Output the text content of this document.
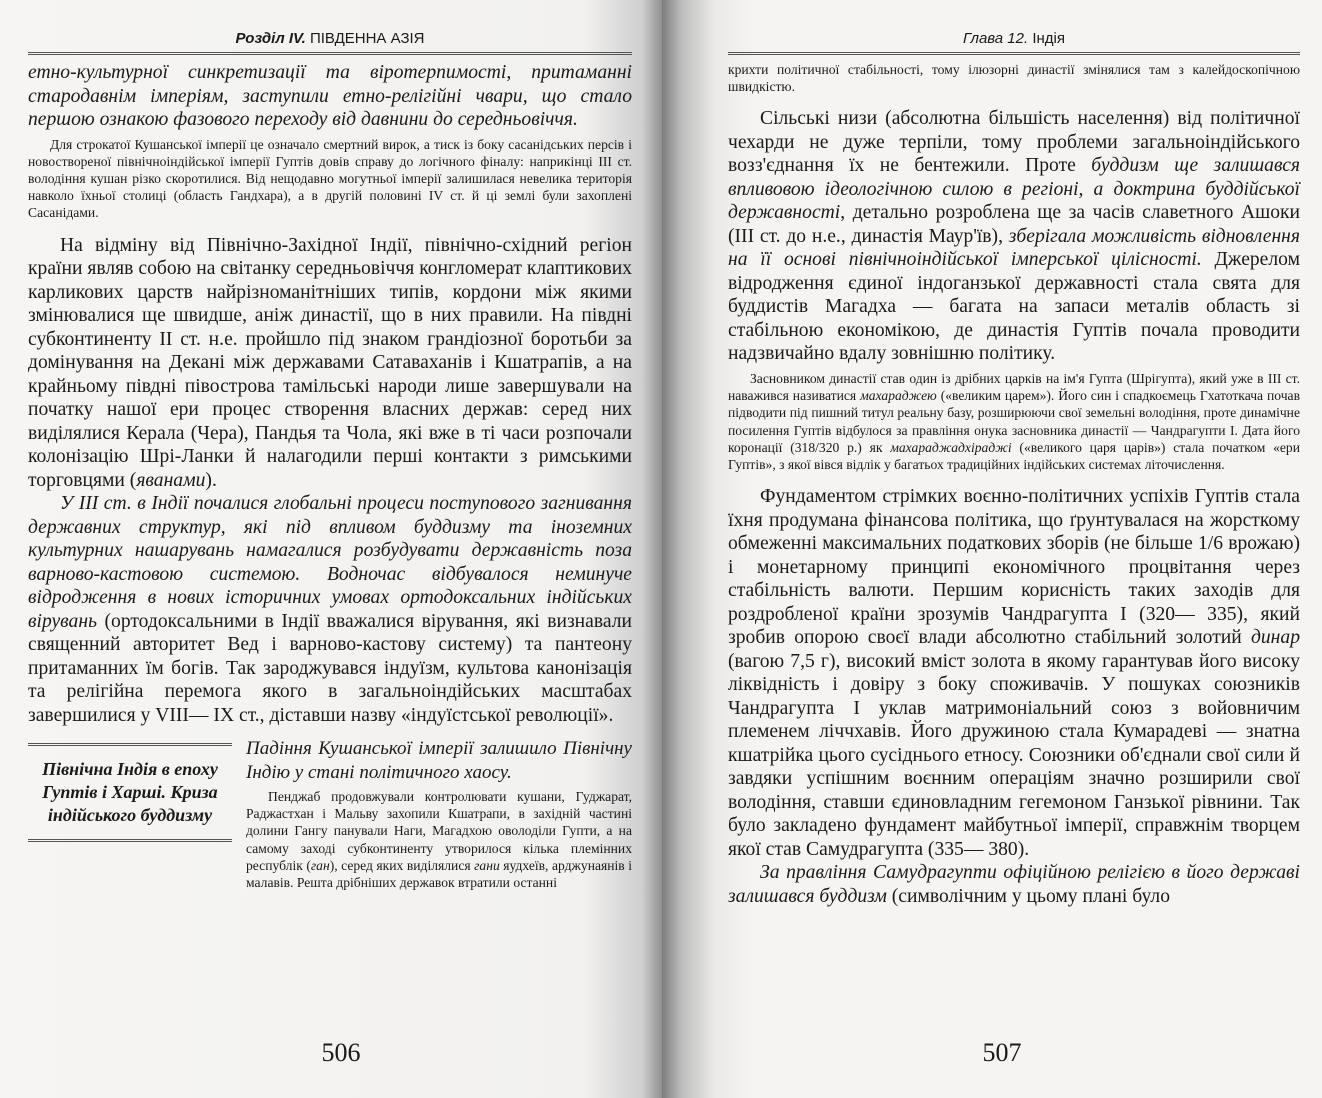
Розділ IV. ПІВДЕННА АЗІЯ

етно-культурної синкретизації та віротерпимості, притаманні стародавнім імперіям, заступили етно-релігійні чвари, що стало першою ознакою фазового переходу від давнини до середньовіччя.

Для строкатої Кушанської імперії це означало смертний вирок, а тиск із боку сасанідських персів і новоствореної північноіндійської імперії Гуптів довів справу до логічного фіналу: наприкінці III ст. володіння кушан різко скоротилися. Від нещодавно могутньої імперії залишилася невелика територія навколо їхньої столиці (область Гандхара), а в другій половині IV ст. й ці землі були захоплені Сасанідами.

На відміну від Північно-Західної Індії, північно-східний регіон країни являв собою на світанку середньовіччя конгломерат клаптикових карликових царств найрізноманітніших типів, кордони між якими змінювалися ще швидше, аніж династії, що в них правили. На півдні субконтиненту II ст. н.е. пройшло під знаком грандіозної боротьби за домінування на Декані між державами Сатаваханів і Кшатрапів, а на крайньому півдні півострова тамільські народи лише завершували на початку нашої ери процес створення власних держав: серед них виділялися Керала (Чера), Пандья та Чола, які вже в ті часи розпочали колонізацію Шрі-Ланки й налагодили перші контакти з римськими торговцями (яванами).

У III ст. в Індії почалися глобальні процеси поступового загнивання державних структур, які під впливом буддизму та іноземних культурних нашарувань намагалися розбудувати державність поза варново-кастовою системою. Водночас відбувалося неминуче відродження в нових історичних умовах ортодоксальних індійських вірувань (ортодоксальними в Індії вважалися вірування, які визнавали священний авторитет Вед і варново-кастову систему) та пантеону притаманних їм богів. Так зароджувався індуїзм, культова канонізація та релігійна перемога якого в загальноіндійських масштабах завершилися у VIII— IX ст., діставши назву «індуїстської революції».

Північна Індія в епоху Гуптів і Харші. Криза індійського буддизму

Падіння Кушанської імперії залишило Північну Індію у стані політичного хаосу.

Пенджаб продовжували контролювати кушани, Гуджарат, Раджастхан і Мальву захопили Кшатрапи, в західній частині долини Гангу панували Наги, Магадхою оволоділи Гупти, а на самому заході субконтиненту утворилося кілька племінних республік (ган), серед яких виділялися гани яудхеїв, арджунаянів і малавів. Решта дрібніших державок втратили останні

506
Глава 12. Індія

крихти політичної стабільності, тому ілюзорні династії змінялися там з калейдоскопічною швидкістю.

Сільські низи (абсолютна більшість населення) від політичної чехарди не дуже терпіли, тому проблеми загальноіндійського возз'єднання їх не бентежили. Проте буддизм ще залишався впливовою ідеологічною силою в регіоні, а доктрина буддійської державності, детально розроблена ще за часів славетного Ашоки (III ст. до н.е., династія Маур'їв), зберігала можливість відновлення на її основі північноіндійської імперської цілісності. Джерелом відродження єдиної індоганзької державності стала свята для буддистів Магадха — багата на запаси металів область зі стабільною економікою, де династія Гуптів почала проводити надзвичайно вдалу зовнішню політику.

Засновником династії став один із дрібних царків на ім'я Гупта (Шрігупта), який уже в III ст. наважився називатися махараджею («великим царем»). Його син і спадкоємець Гхатоткача почав підводити під пишний титул реальну базу, розширюючи свої земельні володіння, проте динамічне посилення Гуптів відбулося за правління онука засновника династії — Чандрагупти I. Дата його коронації (318/320 р.) як махараджадхіраджі («великого царя царів») стала початком «ери Гуптів», з якої вівся відлік у багатьох традиційних індійських системах літочислення.

Фундаментом стрімких воєнно-політичних успіхів Гуптів стала їхня продумана фінансова політика, що ґрунтувалася на жорсткому обмеженні максимальних податкових зборів (не більше 1/6 врожаю) і монетарному принципі економічного процвітання через стабільність валюти. Першим корисність таких заходів для роздробленої країни зрозумів Чандрагупта I (320— 335), який зробив опорою своєї влади абсолютно стабільний золотий динар (вагою 7,5 г), високий вміст золота в якому гарантував його високу ліквідність і довіру з боку споживачів. У пошуках союзників Чандрагупта I уклав матримоніальний союз з войовничим племенем ліччхавів. Його дружиною стала Кумарадеві — знатна кшатрійка цього сусіднього етносу. Союзники об'єднали свої сили й завдяки успішним воєнним операціям значно розширили свої володіння, ставши єдиновладним гегемоном Ганзької рівнини. Так було закладено фундамент майбутньої імперії, справжнім творцем якої став Самудрагупта (335— 380).

За правління Самудрагупти офіційною релігією в його державі залишався буддизм (символічним у цьому плані було

507
